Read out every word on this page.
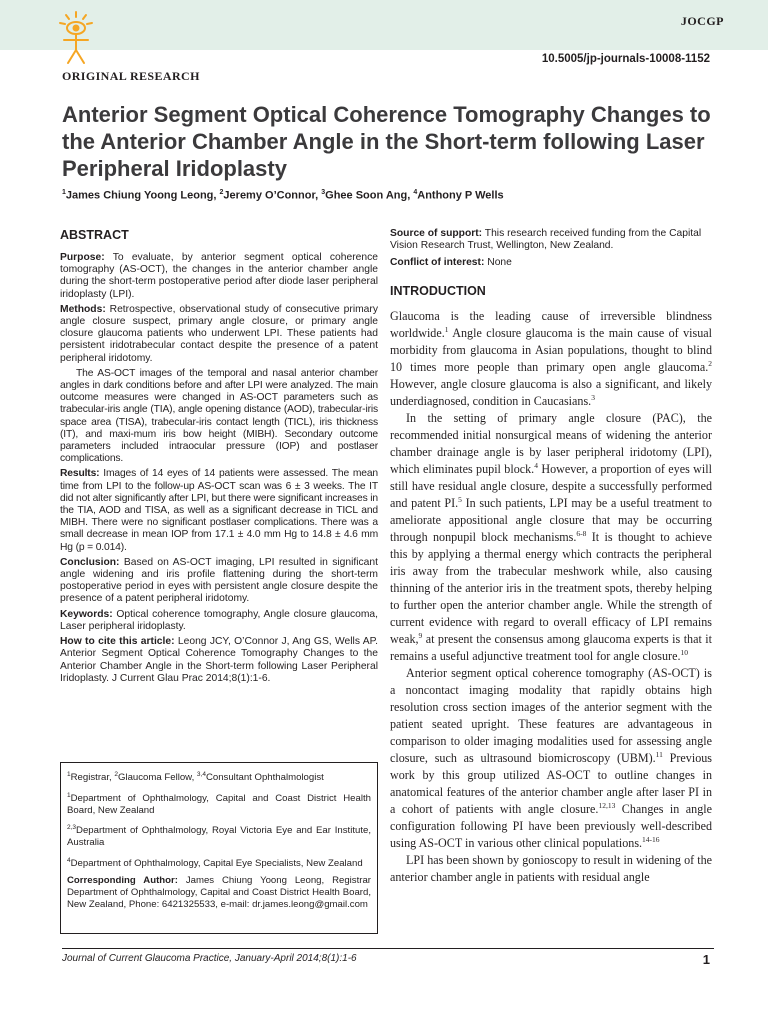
JOCGP
10.5005/jp-journals-10008-1152
ORIGINAL RESEARCH
Anterior Segment Optical Coherence Tomography Changes to the Anterior Chamber Angle in the Short-term following Laser Peripheral Iridoplasty
$^1$James Chiung Yoong Leong, $^2$Jeremy O’Connor, $^3$Ghee Soon Ang, $^4$Anthony P Wells
ABSTRACT

Purpose: To evaluate, by anterior segment optical coherence tomography (AS-OCT), the changes in the anterior chamber angle during the short-term postoperative period after diode laser peripheral iridoplasty (LPI).

Methods: Retrospective, observational study of consecutive primary angle closure suspect, primary angle closure, or primary angle closure glaucoma patients who underwent LPI. These patients had persistent iridotrabecular contact despite the presence of a patent peripheral iridotomy.

The AS-OCT images of the temporal and nasal anterior chamber angles in dark conditions before and after LPI were analyzed. The main outcome measures were changed in AS-OCT parameters such as trabecular-iris angle (TIA), angle opening distance (AOD), trabecular-iris space area (TISA), trabecular-iris contact length (TICL), iris thickness (IT), and maxi-mum iris bow height (MIBH). Secondary outcome parameters included intraocular pressure (IOP) and postlaser complications.

Results: Images of 14 eyes of 14 patients were assessed. The mean time from LPI to the follow-up AS-OCT scan was 6 ± 3 weeks. The IT did not alter significantly after LPI, but there were significant increases in the TIA, AOD and TISA, as well as a significant decrease in TICL and MIBH. There were no significant postlaser complications. There was a small decrease in mean IOP from 17.1 ± 4.0 mm Hg to 14.8 ± 4.6 mm Hg (p = 0.014).

Conclusion: Based on AS-OCT imaging, LPI resulted in significant angle widening and iris profile flattening during the short-term postoperative period in eyes with persistent angle closure despite the presence of a patent peripheral iridotomy.

Keywords: Optical coherence tomography, Angle closure glaucoma, Laser peripheral iridoplasty.

How to cite this article: Leong JCY, O’Connor J, Ang GS, Wells AP. Anterior Segment Optical Coherence Tomography Changes to the Anterior Chamber Angle in the Short-term following Laser Peripheral Iridoplasty. J Current Glau Prac 2014;8(1):1-6.

$^1$Registrar, $^2$Glaucoma Fellow, $^{3,4}$Consultant Ophthalmologist

$^1$Department of Ophthalmology, Capital and Coast District Health Board, New Zealand

$^{2,3}$Department of Ophthalmology, Royal Victoria Eye and Ear Institute, Australia

$^4$Department of Ophthalmology, Capital Eye Specialists, New Zealand

Corresponding Author: James Chiung Yoong Leong, Registrar Department of Ophthalmology, Capital and Coast District Health Board, New Zealand, Phone: 6421325533, e-mail: dr.james.leong@gmail.com

Source of support: This research received funding from the Capital Vision Research Trust, Wellington, New Zealand.

Conflict of interest: None

INTRODUCTION

Glaucoma is the leading cause of irreversible blindness worldwide.$^1$ Angle closure glaucoma is the main cause of visual morbidity from glaucoma in Asian populations, thought to blind 10 times more people than primary open angle glaucoma.$^2$ However, angle closure glaucoma is also a significant, and likely underdiagnosed, condition in Caucasians.$^3$

In the setting of primary angle closure (PAC), the recommended initial nonsurgical means of widening the anterior chamber drainage angle is by laser peripheral iridotomy (LPI), which eliminates pupil block.$^4$ However, a proportion of eyes will still have residual angle closure, despite a successfully performed and patent PI.$^5$ In such patients, LPI may be a useful treatment to ameliorate appositional angle closure that may be occurring through nonpupil block mechanisms.$^{6-8}$ It is thought to achieve this by applying a thermal energy which contracts the peripheral iris away from the trabecular meshwork while, also causing thinning of the anterior iris in the treatment spots, thereby helping to further open the anterior chamber angle. While the strength of current evidence with regard to overall efficacy of LPI remains weak,$^9$ at present the consensus among glaucoma experts is that it remains a useful adjunctive treatment tool for angle closure.$^{10}$

Anterior segment optical coherence tomography (AS-OCT) is a noncontact imaging modality that rapidly obtains high resolution cross section images of the anterior segment with the patient seated upright. These features are advantageous in comparison to older imaging modalities used for assessing angle closure, such as ultrasound biomicroscopy (UBM).$^{11}$ Previous work by this group utilized AS-OCT to outline changes in anatomical features of the anterior chamber angle after laser PI in a cohort of patients with angle closure.$^{12,13}$ Changes in angle configuration following PI have been previously well-described using AS-OCT in various other clinical populations.$^{14-16}$

LPI has been shown by gonioscopy to result in widening of the anterior chamber angle in patients with residual angle

Journal of Current Glaucoma Practice, January-April 2014;8(1):1-6	1
